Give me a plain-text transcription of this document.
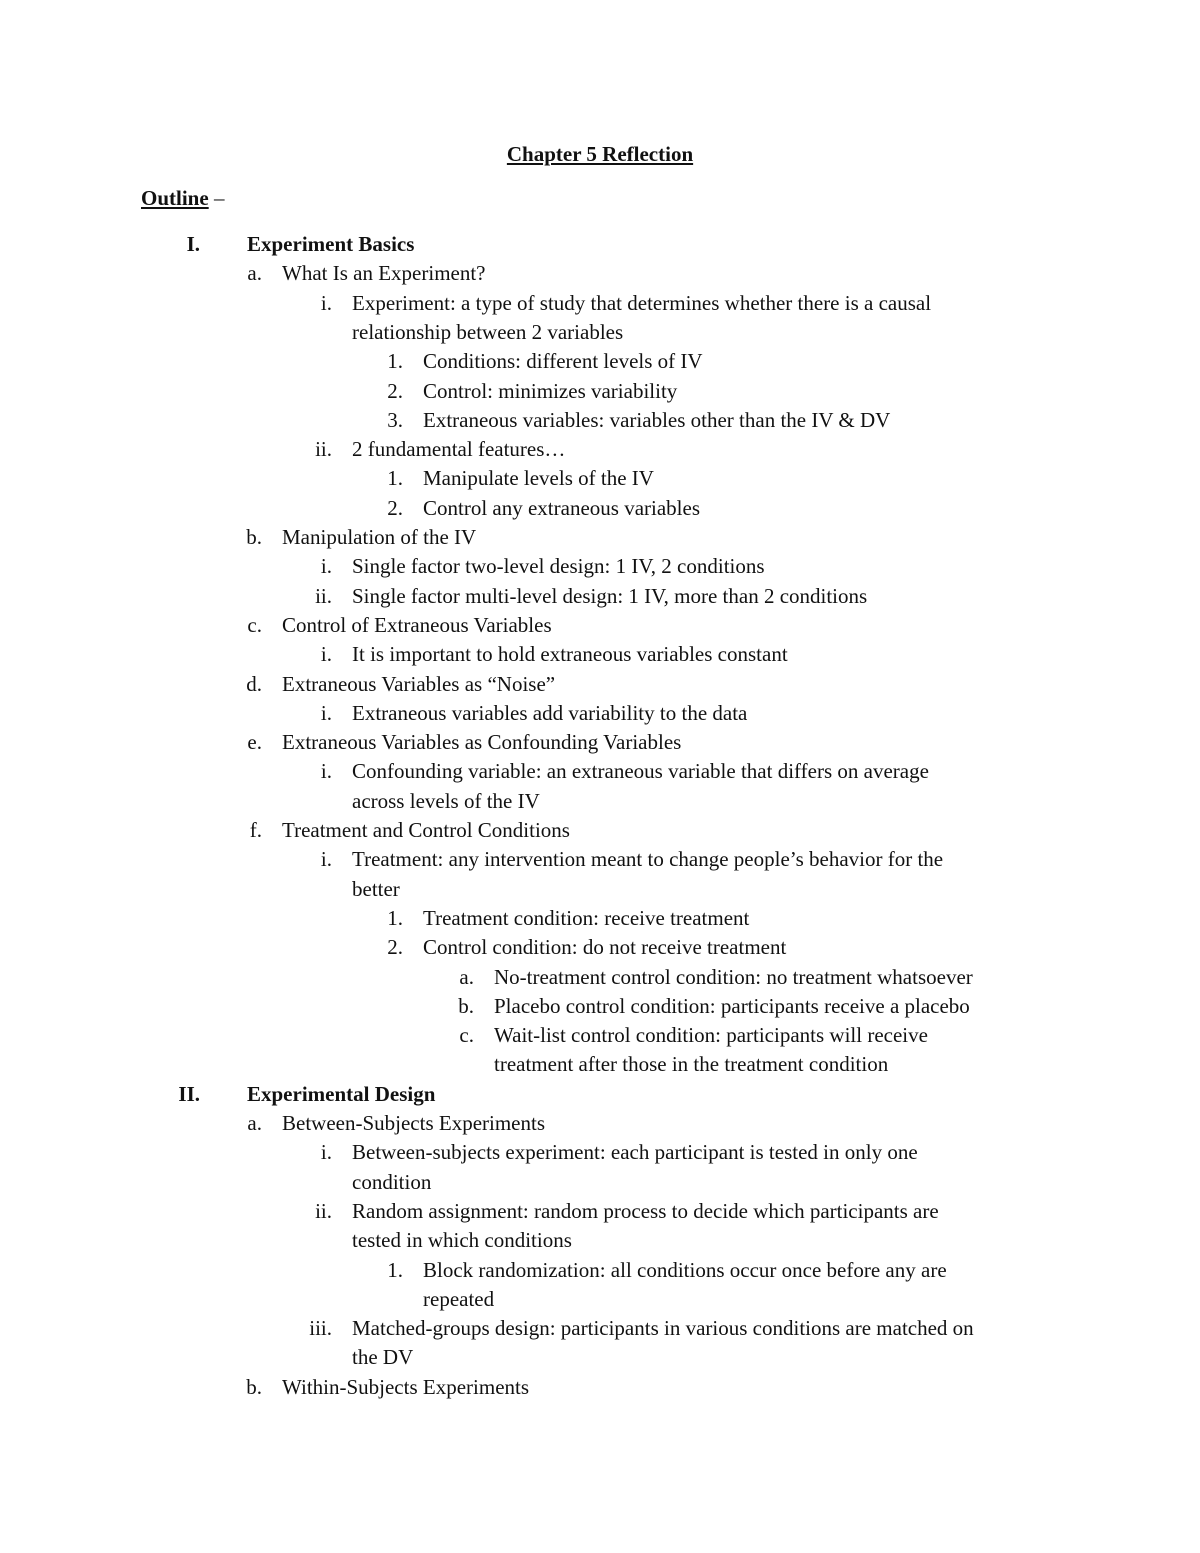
Chapter 5 Reflection
Outline –
I. Experiment Basics
a. What Is an Experiment?
i. Experiment: a type of study that determines whether there is a causal
relationship between 2 variables
1. Conditions: different levels of IV
2. Control: minimizes variability
3. Extraneous variables: variables other than the IV & DV
ii. 2 fundamental features…
1. Manipulate levels of the IV
2. Control any extraneous variables
b. Manipulation of the IV
i. Single factor two-level design: 1 IV, 2 conditions
ii. Single factor multi-level design: 1 IV, more than 2 conditions
c. Control of Extraneous Variables
i. It is important to hold extraneous variables constant
d. Extraneous Variables as “Noise”
i. Extraneous variables add variability to the data
e. Extraneous Variables as Confounding Variables
i. Confounding variable: an extraneous variable that differs on average
across levels of the IV
f. Treatment and Control Conditions
i. Treatment: any intervention meant to change people’s behavior for the
better
1. Treatment condition: receive treatment
2. Control condition: do not receive treatment
a. No-treatment control condition: no treatment whatsoever
b. Placebo control condition: participants receive a placebo
c. Wait-list control condition: participants will receive
treatment after those in the treatment condition
II. Experimental Design
a. Between-Subjects Experiments
i. Between-subjects experiment: each participant is tested in only one
condition
ii. Random assignment: random process to decide which participants are
tested in which conditions
1. Block randomization: all conditions occur once before any are
repeated
iii. Matched-groups design: participants in various conditions are matched on
the DV
b. Within-Subjects Experiments
